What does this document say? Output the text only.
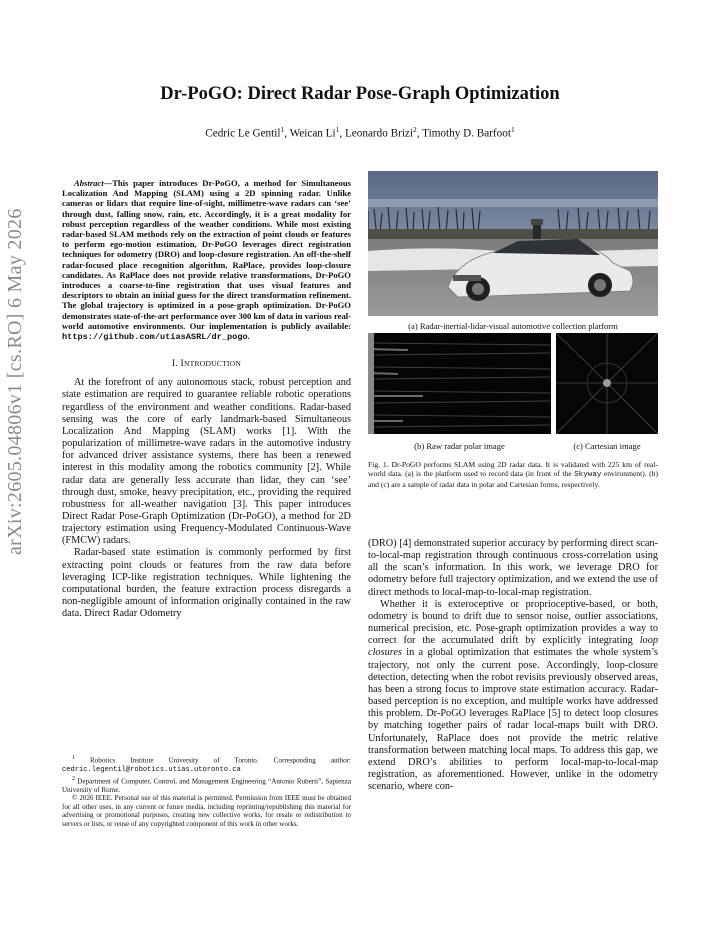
arXiv:2605.04806v1 [cs.RO] 6 May 2026
Dr-PoGO: Direct Radar Pose-Graph Optimization
Cedric Le Gentil$^1$, Weican Li$^1$, Leonardo Brizi$^2$, Timothy D. Barfoot$^1$
Abstract—This paper introduces Dr-PoGO, a method for Simultaneous Localization And Mapping (SLAM) using a 2D spinning radar. Unlike cameras or lidars that require line-of-sight, millimetre-wave radars can ‘see’ through dust, falling snow, rain, etc. Accordingly, it is a great modality for robust perception regardless of the weather conditions. While most existing radar-based SLAM methods rely on the extraction of point clouds or features to perform ego-motion estimation, Dr-PoGO leverages direct registration techniques for odometry (DRO) and loop-closure registration. An off-the-shelf radar-focused place recognition algorithm, RaPlace, provides loop-closure candidates. As RaPlace does not provide relative transformations, Dr-PoGO introduces a coarse-to-fine registration that uses visual features and descriptors to obtain an initial guess for the direct transformation refinement. The global trajectory is optimized in a pose-graph optimization. Dr-PoGO demonstrates state-of-the-art performance over 300 km of data in various real-world automotive environments. Our implementation is publicly available: https://github.com/utiasASRL/dr_pogo.
I. INTRODUCTION

At the forefront of any autonomous stack, robust perception and state estimation are required to guarantee reliable robotic operations regardless of the environment and weather conditions. Radar-based sensing was the core of early landmark-based Simultaneous Localization And Mapping (SLAM) works [1]. With the popularization of millimetre-wave radars in the automotive industry for advanced driver assistance systems, there has been a renewed interest in this modality among the robotics community [2]. While radar data are generally less accurate than lidar, they can ‘see’ through dust, smoke, heavy precipitation, etc., providing the required robustness for all-weather navigation [3]. This paper introduces Direct Radar Pose-Graph Optimization (Dr-PoGO), a method for 2D trajectory estimation using Frequency-Modulated Continuous-Wave (FMCW) radars.

Radar-based state estimation is commonly performed by first extracting point clouds or features from the raw data before leveraging ICP-like registration techniques. While lightening the computational burden, the feature extraction process disregards a non-negligible amount of information originally contained in the raw data. Direct Radar Odometry

$^1$ Robotics Institute University of Toronto. Corresponding author: cedric.legentil@robotics.utias.utoronto.ca
$^2$ Department of Computer, Control, and Management Engineering “Antonio Ruberti”, Sapienza University of Rome.
© 2026 IEEE. Personal use of this material is permitted. Permission from IEEE must be obtained for all other uses, in any current or future media, including reprinting/republishing this material for advertising or promotional purposes, creating new collective works, for resale or redistribution to servers or lists, or reuse of any copyrighted component of this work in other works.
(a) Radar-inertial-lidar-visual automotive collection platform
(b) Raw radar polar image	(c) Cartesian image
Fig. 1. Dr-PoGO performs SLAM using 2D radar data. It is validated with 225 km of real-world data. (a) is the platform used to record data (in front of the Skyway environment). (b) and (c) are a sample of radar data in polar and Cartesian forms, respectively.

(DRO) [4] demonstrated superior accuracy by performing direct scan-to-local-map registration through continuous cross-correlation using all the scan’s information. In this work, we leverage DRO for odometry before full trajectory optimization, and we extend the use of direct methods to local-map-to-local-map registration.

Whether it is exteroceptive or proprioceptive-based, or both, odometry is bound to drift due to sensor noise, outlier associations, numerical precision, etc. Pose-graph optimization provides a way to correct for the accumulated drift by explicitly integrating loop closures in a global optimization that estimates the whole system’s trajectory, not only the current pose. Accordingly, loop-closure detection, detecting when the robot revisits previously observed areas, has been a strong focus to improve state estimation accuracy. Radar-based perception is no exception, and multiple works have addressed this problem. Dr-PoGO leverages RaPlace [5] to detect loop closures by matching together pairs of radar local-maps built with DRO. Unfortunately, RaPlace does not provide the metric relative transformation between matching local maps. To address this gap, we extend DRO’s abilities to perform local-map-to-local-map registration, as aforementioned. However, unlike in the odometry scenario, where con-
